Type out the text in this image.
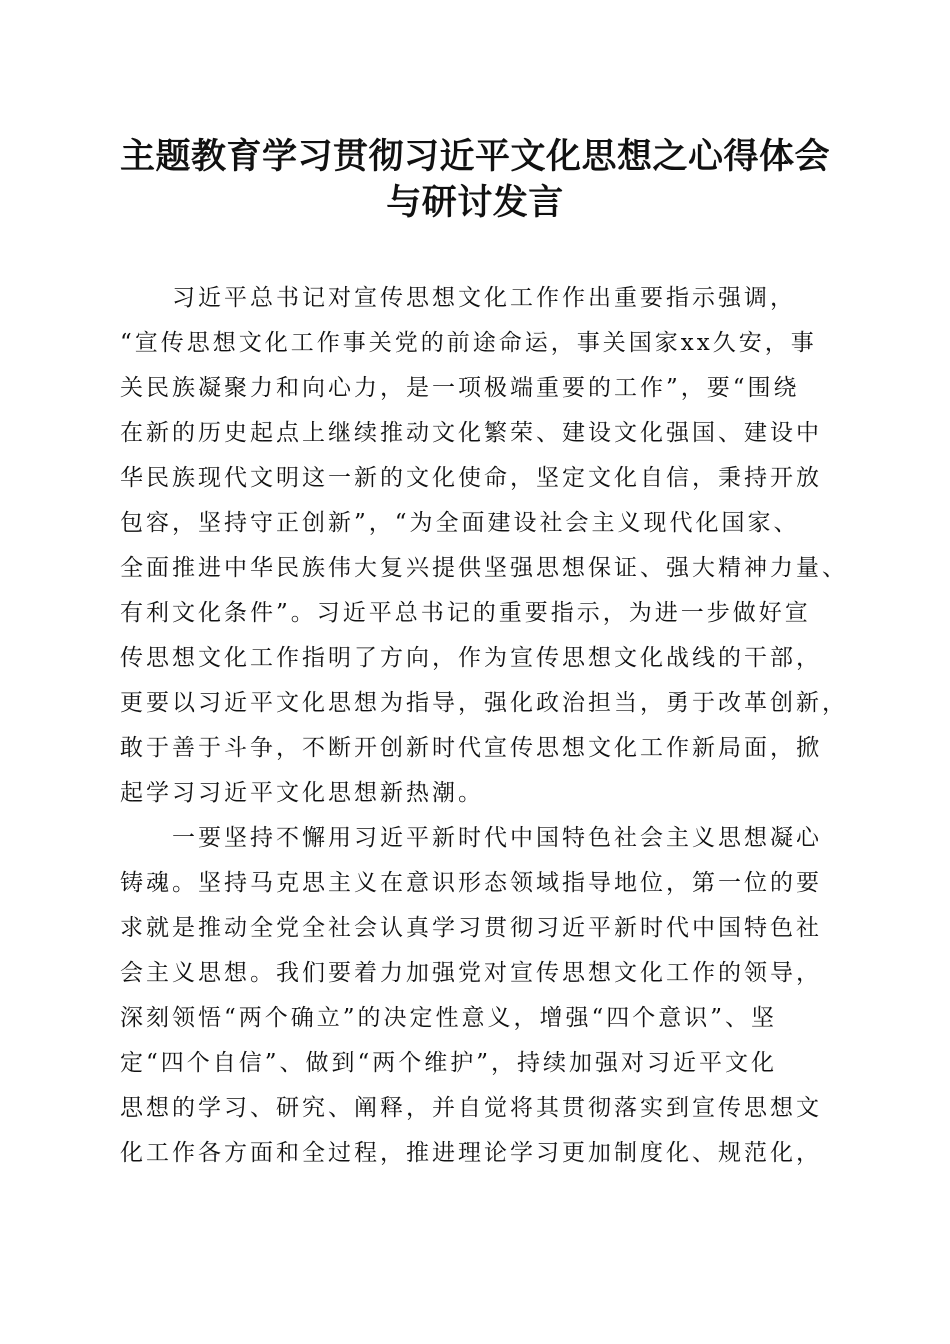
主题教育学习贯彻习近平文化思想之心得体会
与研讨发言
习近平总书记对宣传思想文化工作作出重要指示强调，
“宣传思想文化工作事关党的前途命运，事关国家xx久安，事
关民族凝聚力和向心力，是一项极端重要的工作”，要“围绕
在新的历史起点上继续推动文化繁荣、建设文化强国、建设中
华民族现代文明这一新的文化使命，坚定文化自信，秉持开放
包容，坚持守正创新”，“为全面建设社会主义现代化国家、
全面推进中华民族伟大复兴提供坚强思想保证、强大精神力量、
有利文化条件”。习近平总书记的重要指示，为进一步做好宣
传思想文化工作指明了方向，作为宣传思想文化战线的干部，
更要以习近平文化思想为指导，强化政治担当，勇于改革创新，
敢于善于斗争，不断开创新时代宣传思想文化工作新局面，掀
起学习习近平文化思想新热潮。
一要坚持不懈用习近平新时代中国特色社会主义思想凝心
铸魂。坚持马克思主义在意识形态领域指导地位，第一位的要
求就是推动全党全社会认真学习贯彻习近平新时代中国特色社
会主义思想。我们要着力加强党对宣传思想文化工作的领导，
深刻领悟“两个确立”的决定性意义，增强“四个意识”、坚
定“四个自信”、做到“两个维护”，持续加强对习近平文化
思想的学习、研究、阐释，并自觉将其贯彻落实到宣传思想文
化工作各方面和全过程，推进理论学习更加制度化、规范化，
